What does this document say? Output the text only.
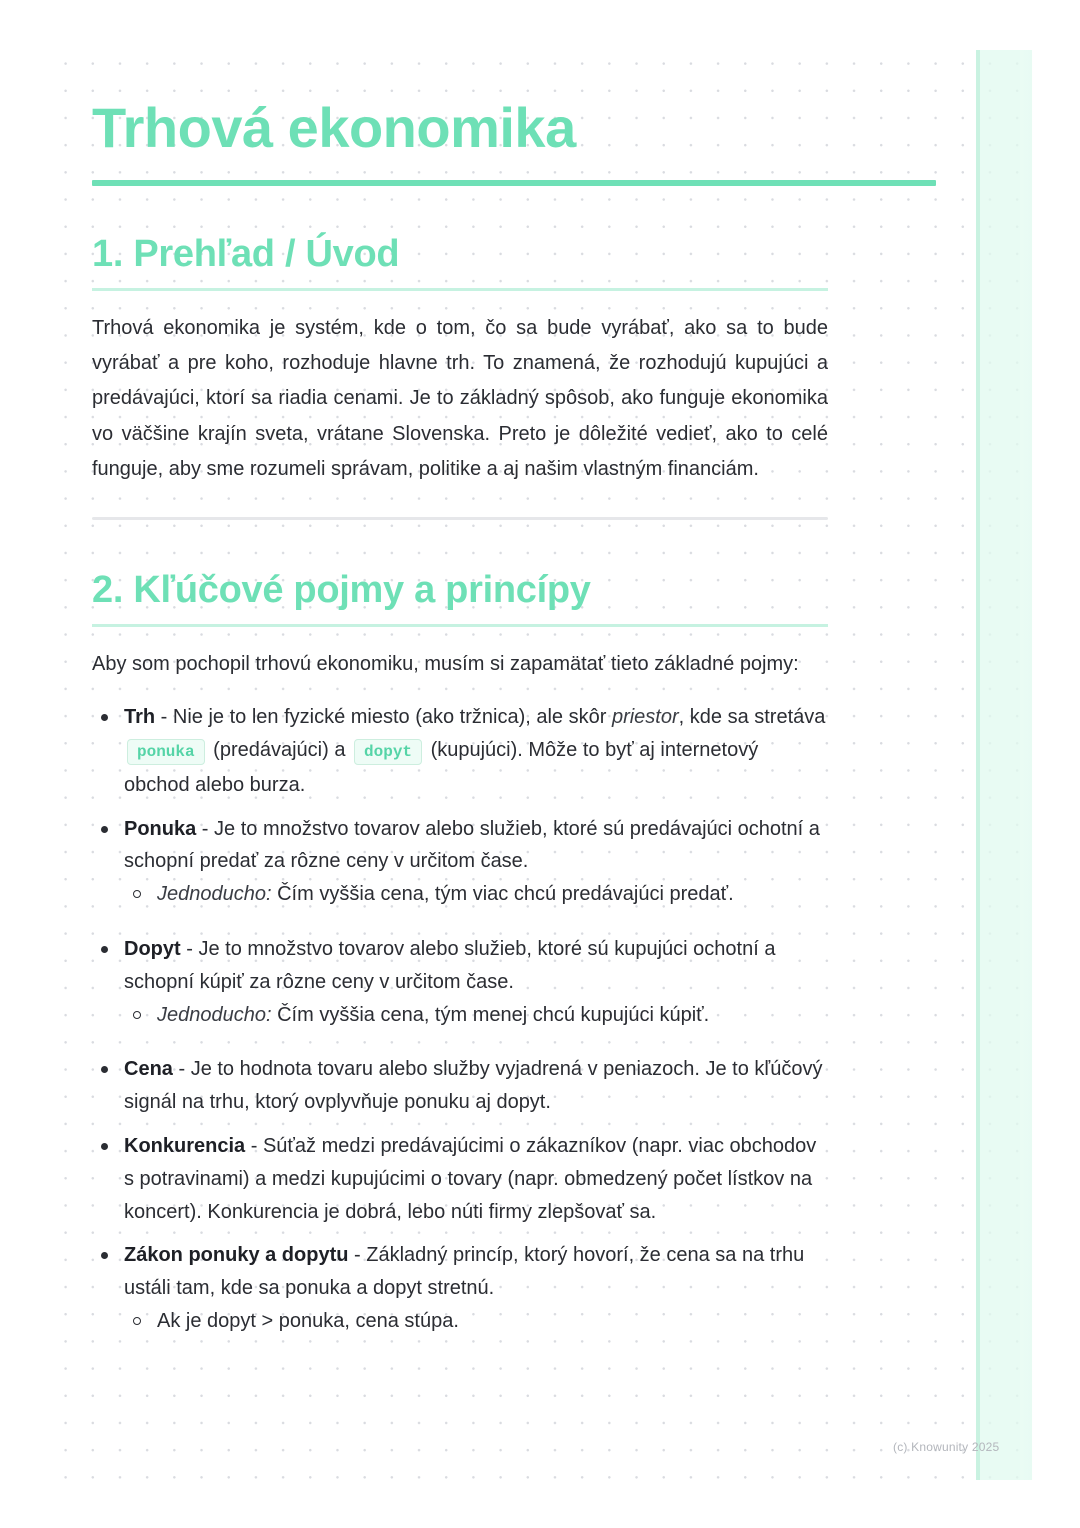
Trhová ekonomika
1. Prehľad / Úvod

Trhová ekonomika je systém, kde o tom, čo sa bude vyrábať, ako sa to bude vyrábať a pre koho, rozhoduje hlavne trh. To znamená, že rozhodujú kupujúci a predávajúci, ktorí sa riadia cenami. Je to základný spôsob, ako funguje ekonomika vo väčšine krajín sveta, vrátane Slovenska. Preto je dôležité vedieť, ako to celé funguje, aby sme rozumeli správam, politike a aj našim vlastným financiám.

2. Kľúčové pojmy a princípy

Aby som pochopil trhovú ekonomiku, musím si zapamätať tieto základné pojmy:

Trh - Nie je to len fyzické miesto (ako tržnica), ale skôr priestor, kde sa stretáva ponuka (predávajúci) a dopyt (kupujúci). Môže to byť aj internetový obchod alebo burza.
Ponuka - Je to množstvo tovarov alebo služieb, ktoré sú predávajúci ochotní a schopní predať za rôzne ceny v určitom čase.
Jednoducho: Čím vyššia cena, tým viac chcú predávajúci predať.
Dopyt - Je to množstvo tovarov alebo služieb, ktoré sú kupujúci ochotní a schopní kúpiť za rôzne ceny v určitom čase.
Jednoducho: Čím vyššia cena, tým menej chcú kupujúci kúpiť.
Cena - Je to hodnota tovaru alebo služby vyjadrená v peniazoch. Je to kľúčový signál na trhu, ktorý ovplyvňuje ponuku aj dopyt.
Konkurencia - Súťaž medzi predávajúcimi o zákazníkov (napr. viac obchodov s potravinami) a medzi kupujúcimi o tovary (napr. obmedzený počet lístkov na koncert). Konkurencia je dobrá, lebo núti firmy zlepšovať sa.
Zákon ponuky a dopytu - Základný princíp, ktorý hovorí, že cena sa na trhu ustáli tam, kde sa ponuka a dopyt stretnú.
Ak je dopyt > ponuka, cena stúpa.
(c) Knowunity 2025
